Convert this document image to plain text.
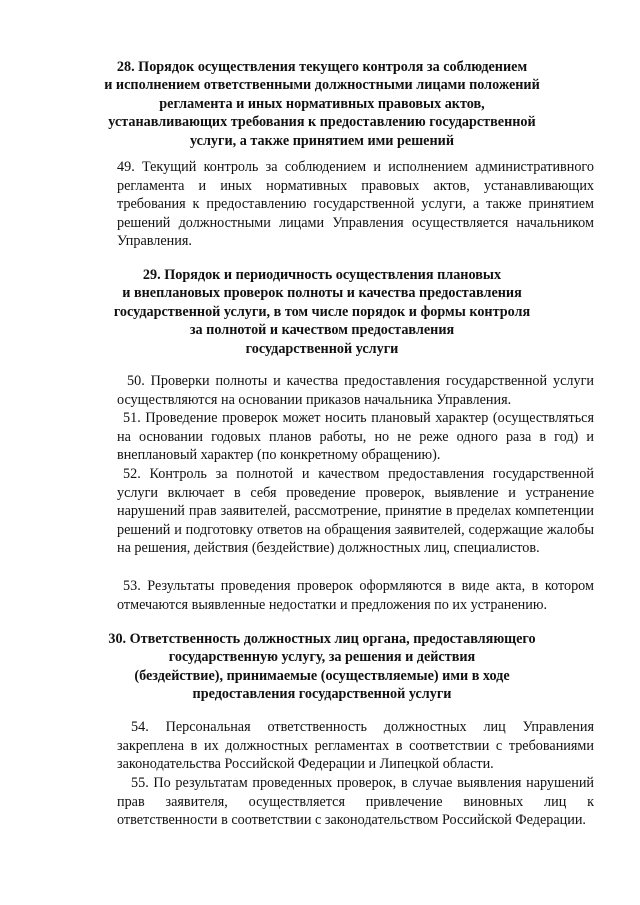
28. Порядок осуществления текущего контроля за соблюдением
и исполнением ответственными должностными лицами положений
регламента и иных нормативных правовых актов,
устанавливающих требования к предоставлению государственной
услуги, а также принятием ими решений
49. Текущий контроль за соблюдением и исполнением административного регламента и иных нормативных правовых актов, устанавливающих требования к предоставлению государственной услуги, а также принятием решений должностными лицами Управления осуществляется начальником Управления.
29. Порядок и периодичность осуществления плановых
и внеплановых проверок полноты и качества предоставления
государственной услуги, в том числе порядок и формы контроля
за полнотой и качеством предоставления
государственной услуги
50. Проверки полноты и качества предоставления государственной услуги осуществляются на основании приказов начальника Управления.
51. Проведение проверок может носить плановый характер (осуществляться на основании годовых планов работы, но не реже одного раза в год) и внеплановый характер (по конкретному обращению).
52. Контроль за полнотой и качеством предоставления государственной услуги включает в себя проведение проверок, выявление и устранение нарушений прав заявителей, рассмотрение, принятие в пределах компетенции решений и подготовку ответов на обращения заявителей, содержащие жалобы на решения, действия (бездействие) должностных лиц, специалистов.
53. Результаты проведения проверок оформляются в виде акта, в котором отмечаются выявленные недостатки и предложения по их устранению.
30. Ответственность должностных лиц органа, предоставляющего
государственную услугу, за решения и действия
(бездействие), принимаемые (осуществляемые) ими в ходе
предоставления государственной услуги
54. Персональная ответственность должностных лиц Управления закреплена в их должностных регламентах в соответствии с требованиями законодательства Российской Федерации и Липецкой области.
55. По результатам проведенных проверок, в случае выявления нарушений прав заявителя, осуществляется привлечение виновных лиц к ответственности в соответствии с законодательством Российской Федерации.
